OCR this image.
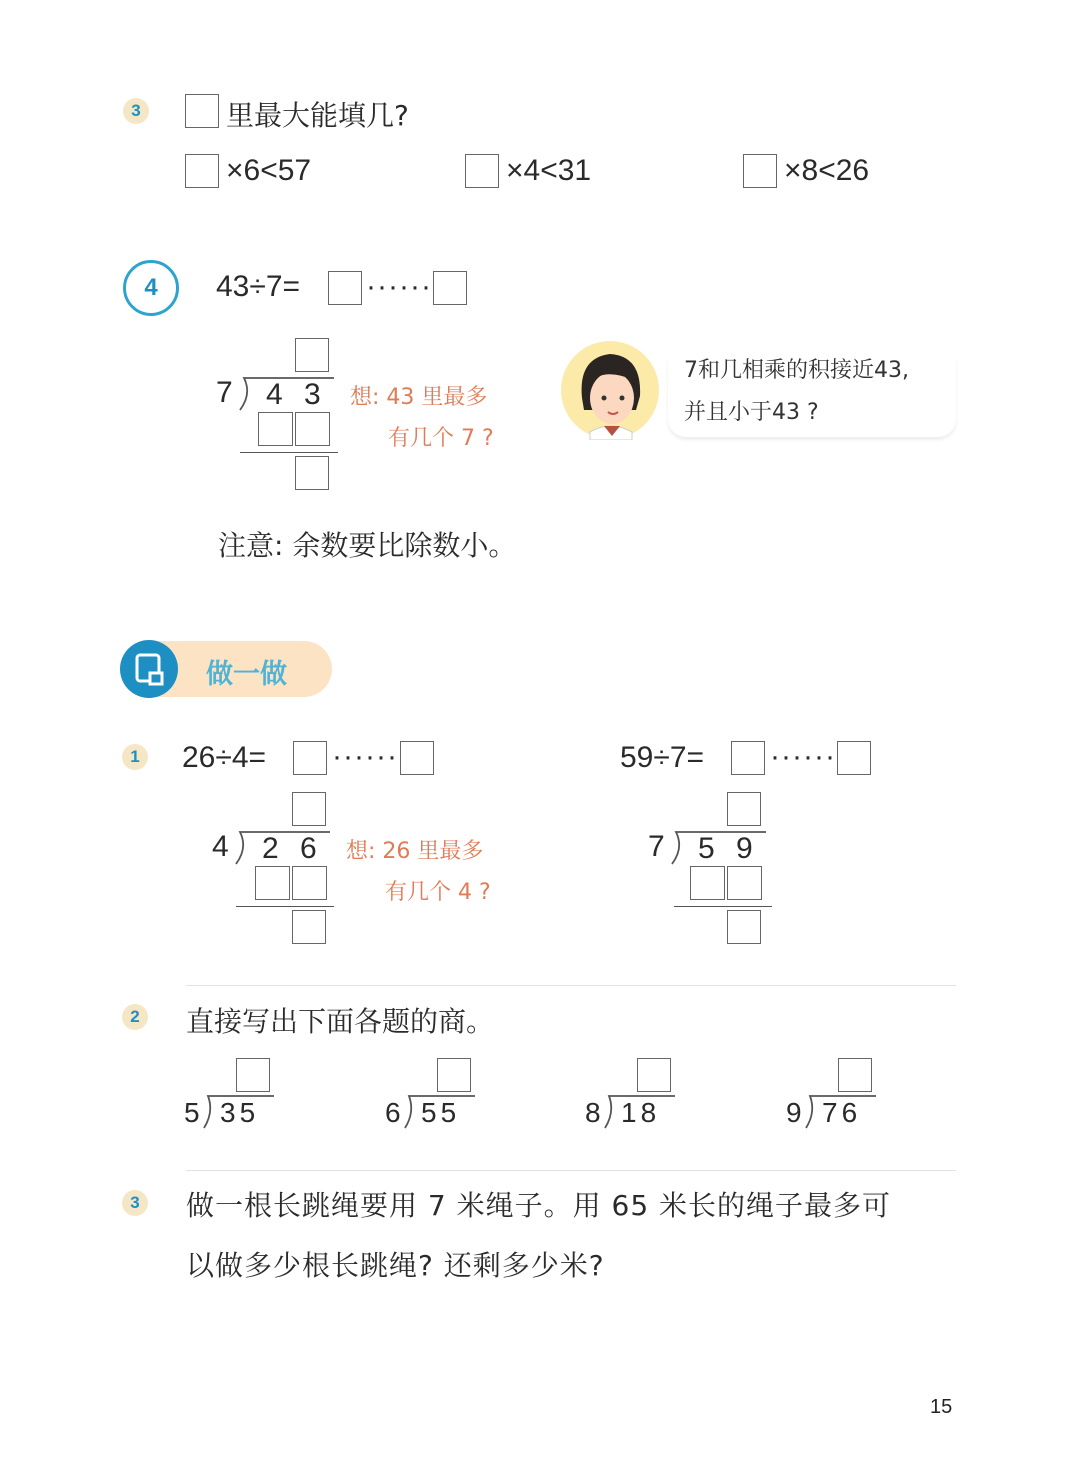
3	里最大能填几?
×6<57	×4<31	×8<26
4	43÷7= ······
7 4 3 想: 43 里最多
有几个 7 ?
7和几相乘的积接近43,
并且小于43 ?
注意: 余数要比除数小。
做一做
1 26÷4= ······
4 2 6 想: 26 里最多
有几个 4 ?
59÷7= ······
7 5 9
2 直接写出下面各题的商。
5 35	6 55	8 18	9 76
3 做一根长跳绳要用 7 米绳子。用 65 米长的绳子最多可
以做多少根长跳绳? 还剩多少米?
15
